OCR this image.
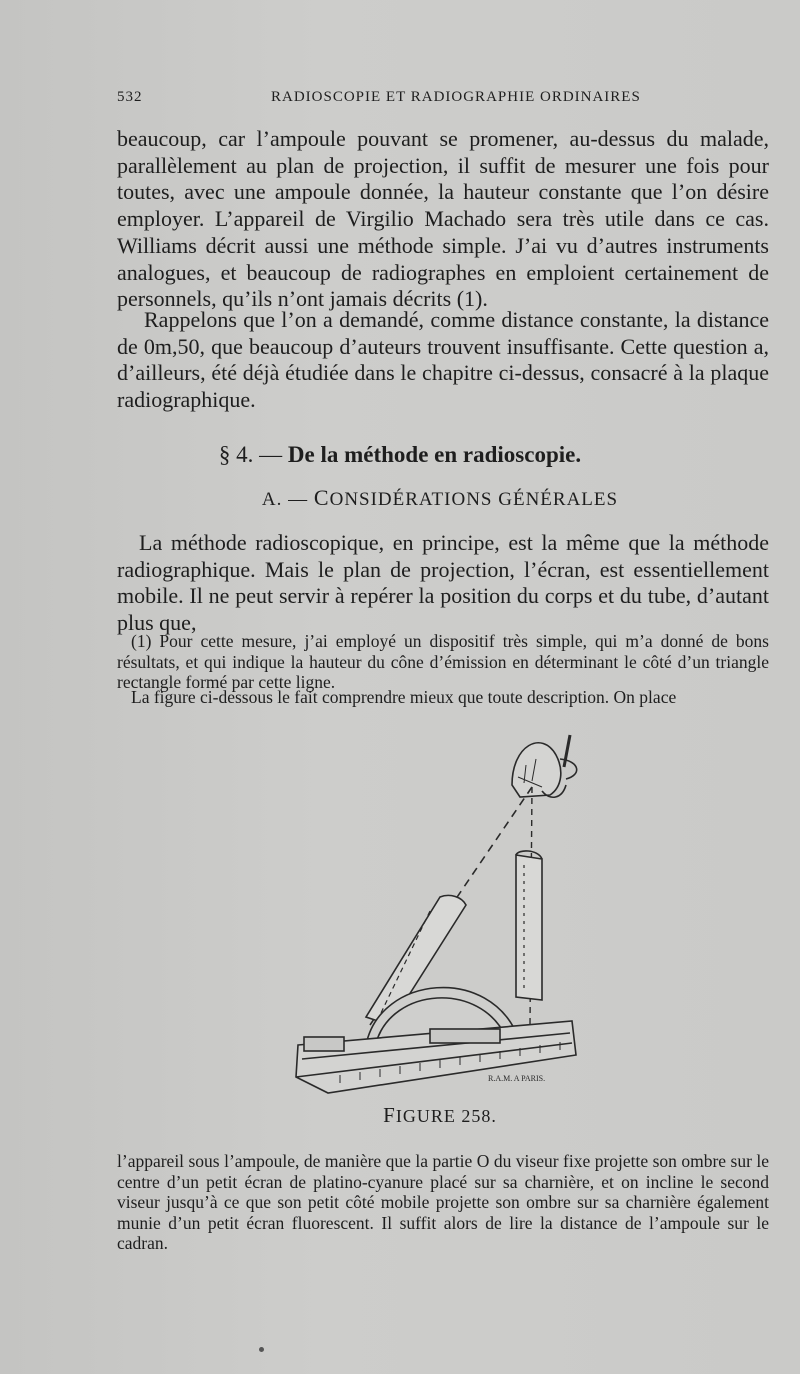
532	RADIOSCOPIE ET RADIOGRAPHIE ORDINAIRES

beaucoup, car l’ampoule pouvant se promener, au-dessus du malade, parallèlement au plan de projection, il suffit de mesurer une fois pour toutes, avec une ampoule donnée, la hauteur constante que l’on désire employer. L’appareil de Virgilio Machado sera très utile dans ce cas. Williams décrit aussi une méthode simple. J’ai vu d’autres instruments analogues, et beaucoup de radiographes en emploient certainement de personnels, qu’ils n’ont jamais décrits (1).

Rappelons que l’on a demandé, comme distance constante, la distance de 0m,50, que beaucoup d’auteurs trouvent insuffisante. Cette question a, d’ailleurs, été déjà étudiée dans le chapitre ci-dessus, consacré à la plaque radiographique.

§ 4. — De la méthode en radioscopie.
A. — CONSIDÉRATIONS GÉNÉRALES

La méthode radioscopique, en principe, est la même que la méthode radiographique. Mais le plan de projection, l’écran, est essentiellement mobile. Il ne peut servir à repérer la position du corps et du tube, d’autant plus que,

(1) Pour cette mesure, j’ai employé un dispositif très simple, qui m’a donné de bons résultats, et qui indique la hauteur du cône d’émission en déterminant le côté d’un triangle rectangle formé par cette ligne.

La figure ci-dessous le fait comprendre mieux que toute description. On place

R.A.M. A PARIS.
FIGURE 258.

l’appareil sous l’ampoule, de manière que la partie O du viseur fixe projette son ombre sur le centre d’un petit écran de platino-cyanure placé sur sa charnière, et on incline le second viseur jusqu’à ce que son petit côté mobile projette son ombre sur sa charnière également munie d’un petit écran fluorescent. Il suffit alors de lire la distance de l’ampoule sur le cadran.
